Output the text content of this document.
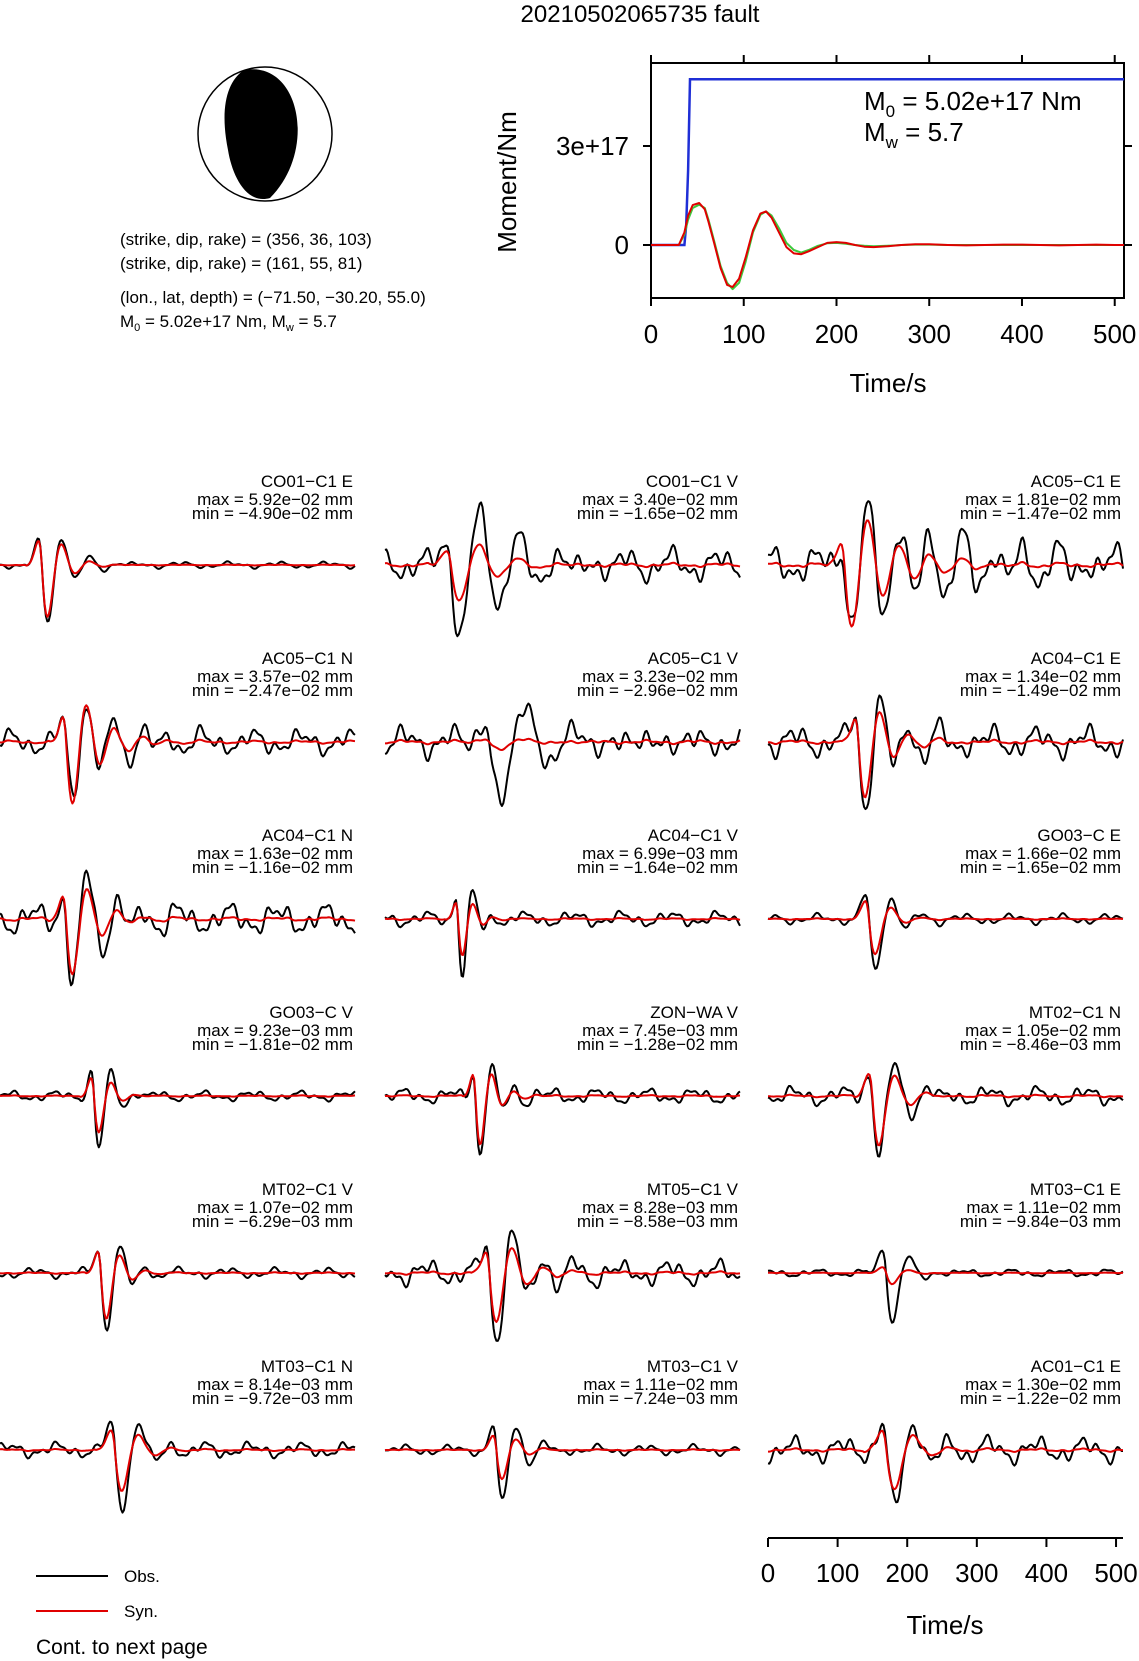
20210502065735 fault
(strike, dip, rake) = (356, 36, 103)
(strike, dip, rake) = (161, 55, 81)
(lon., lat, depth) = (−71.50, −30.20, 55.0)
$M_0 = 5.02e+17$ Nm, $M_w = 5.7$	0 100 200 300 400 500
0
3e+17
Time/s
Moment/Nm
$M_0 = 5.02e+17$ Nm
$M_w = 5.7$
CO01−C1 E
max = 5.92e−02 mm
min = −4.90e−02 mm
CO01−C1 V
max = 3.40e−02 mm
min = −1.65e−02 mm
AC05−C1 E
max = 1.81e−02 mm
min = −1.47e−02 mm
AC05−C1 N
max = 3.57e−02 mm
min = −2.47e−02 mm
AC05−C1 V
max = 3.23e−02 mm
min = −2.96e−02 mm
AC04−C1 E
max = 1.34e−02 mm
min = −1.49e−02 mm
AC04−C1 N
max = 1.63e−02 mm
min = −1.16e−02 mm
AC04−C1 V
max = 6.99e−03 mm
min = −1.64e−02 mm
GO03−C E
max = 1.66e−02 mm
min = −1.65e−02 mm
GO03−C V
max = 9.23e−03 mm
min = −1.81e−02 mm
ZON−WA V
max = 7.45e−03 mm
min = −1.28e−02 mm
MT02−C1 N
max = 1.05e−02 mm
min = −8.46e−03 mm
MT02−C1 V
max = 1.07e−02 mm
min = −6.29e−03 mm
MT05−C1 V
max = 8.28e−03 mm
min = −8.58e−03 mm
MT03−C1 E
max = 1.11e−02 mm
min = −9.84e−03 mm
MT03−C1 N
max = 8.14e−03 mm
min = −9.72e−03 mm
MT03−C1 V
max = 1.11e−02 mm
min = −7.24e−03 mm
AC01−C1 E
max = 1.30e−02 mm
min = −1.22e−02 mm
0 100 200 300 400 500
Time/s
Obs.
Syn.
Cont. to next page
